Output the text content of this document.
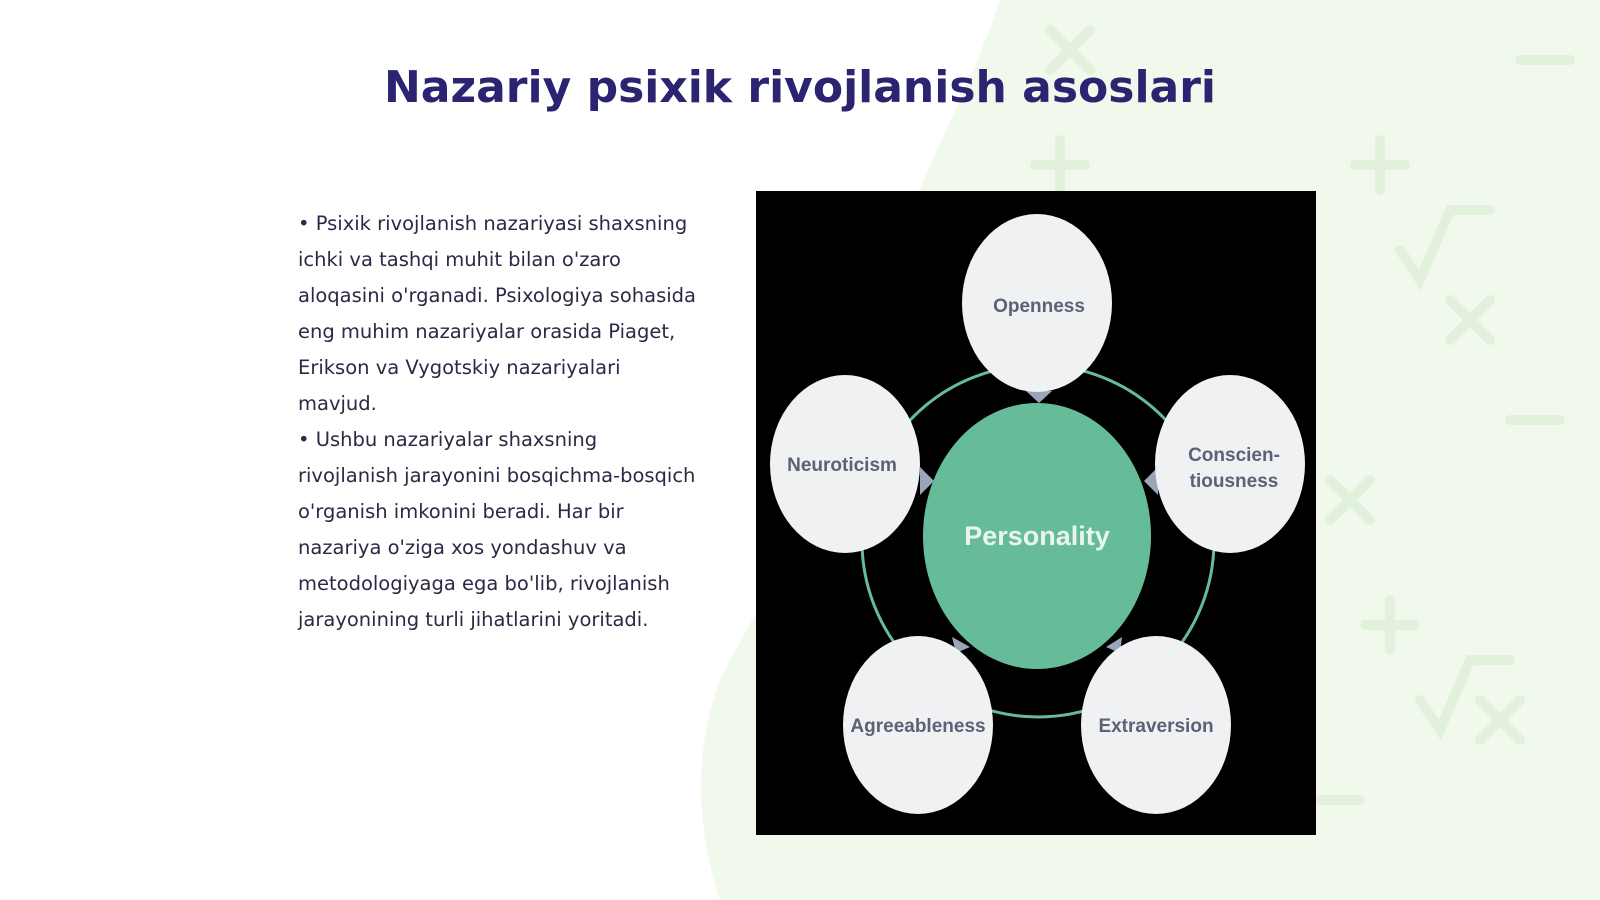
Nazariy psixik rivojlanish asoslari

• Psixik rivojlanish nazariyasi shaxsning ichki va tashqi muhit bilan o'zaro aloqasini o'rganadi. Psixologiya sohasida eng muhim nazariyalar orasida Piaget, Erikson va Vygotskiy nazariyalari mavjud.

• Ushbu nazariyalar shaxsning rivojlanish jarayonini bosqichma-bosqich o'rganish imkonini beradi. Har bir nazariya o'ziga xos yondashuv va metodologiyaga ega bo'lib, rivojlanish jarayonining turli jihatlarini yoritadi.

Personality
Openness
Neuroticism	Conscien-
tiousness
Agreeableness	Extraversion
